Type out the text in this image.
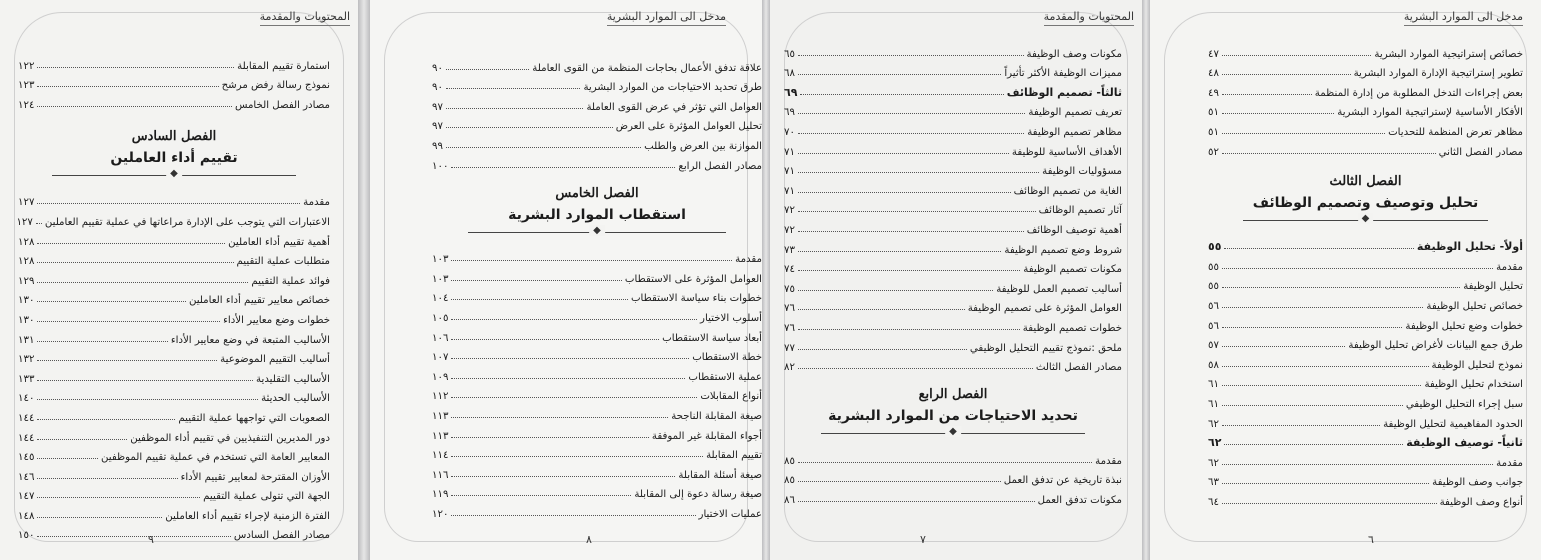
المحتويات والمقدمة
استمارة تقييم المقابلة
١٢٢
نموذج رسالة رفض مرشح
١٢٣
مصادر الفصل الخامس
١٢٤
الفصل السادس
تقييم أداء العاملين
◆
مقدمة
١٢٧
الاعتبارات التي يتوجب على الإدارة مراعاتها في عملية تقييم العاملين
١٢٧
أهمية تقييم أداء العاملين
١٢٨
متطلبات عملية التقييم
١٢٨
فوائد عملية التقييم
١٢٩
خصائص معايير تقييم أداء العاملين
١٣٠
خطوات وضع معايير الأداء
١٣٠
الأساليب المتبعة في وضع معايير الأداء
١٣١
أساليب التقييم الموضوعية
١٣٢
الأساليب التقليدية
١٣٣
الأساليب الحديثة
١٤٠
الصعوبات التي تواجهها عملية التقييم
١٤٤
دور المديرين التنفيذيين في تقييم أداء الموظفين
١٤٤
المعايير العامة التي تستخدم في عملية تقييم الموظفين
١٤٥
الأوزان المقترحة لمعايير تقييم الأداء
١٤٦
الجهة التي تتولى عملية التقييم
١٤٧
الفترة الزمنية لإجراء تقييم أداء العاملين
١٤٨
مصادر الفصل السادس
١٥٠	٩
مدخل الى الموارد البشرية
علاقة تدفق الأعمال بحاجات المنظمة من القوى العاملة
٩٠
طرق تحديد الاحتياجات من الموارد البشرية
٩٠
العوامل التي تؤثر في عرض القوى العاملة
٩٧
تحليل العوامل المؤثرة على العرض
٩٧
الموازنة بين العرض والطلب
٩٩
مصادر الفصل الرابع
١٠٠
الفصل الخامس
استقطاب الموارد البشرية
◆
مقدمة
١٠٣
العوامل المؤثرة على الاستقطاب
١٠٣
خطوات بناء سياسة الاستقطاب
١٠٤
أسلوب الاختيار
١٠٥
أبعاد سياسة الاستقطاب
١٠٦
خطة الاستقطاب
١٠٧
عملية الاستقطاب
١٠٩
أنواع المقابلات
١١٢
صيغة المقابلة الناجحة
١١٣
أجواء المقابلة غير الموفقة
١١٣
تقييم المقابلة
١١٤
صيغة أسئلة المقابلة
١١٦
صيغة رسالة دعوة إلى المقابلة
١١٩
عمليات الاختيار
١٢٠
٨
المحتويات والمقدمة
مكونات وصف الوظيفة
٦٥
مميزات الوظيفة الأكثر تأثيراً
٦٨
ثالثاً- تصميم الوظائف
٦٩
تعريف تصميم الوظيفة
٦٩
مظاهر تصميم الوظيفة
٧٠
الأهداف الأساسية للوظيفة
٧١
مسؤوليات الوظيفة
٧١
الغاية من تصميم الوظائف
٧١
آثار تصميم الوظائف
٧٢
أهمية توصيف الوظائف
٧٢
شروط وضع تصميم الوظيفة
٧٣
مكونات تصميم الوظيفة
٧٤
أساليب تصميم العمل للوظيفة
٧٥
العوامل المؤثرة على تصميم الوظيفة
٧٦
خطوات تصميم الوظيفة
٧٦
ملحق :نموذج تقييم التحليل الوظيفي
٧٧
مصادر الفصل الثالث
٨٢
الفصل الرابع
تحديد الاحتياجات من الموارد البشرية
◆
مقدمة
٨٥
نبذة تاريخية عن تدفق العمل
٨٥
مكونات تدفق العمل
٨٦
٧
مدخل الى الموارد البشرية
خصائص إستراتيجية الموارد البشرية
٤٧
تطوير إستراتيجية الإدارة الموارد البشرية
٤٨
بعض إجراءات التدخل المطلوبة من إدارة المنظمة
٤٩
الأفكار الأساسية لإستراتيجية الموارد البشرية
٥١
مظاهر تعرض المنظمة للتحديات
٥١
مصادر الفصل الثاني
٥٢
الفصل الثالث
تحليل وتوصيف وتصميم الوظائف
◆
أولاً- تحليل الوظيفة
٥٥
مقدمة
٥٥
تحليل الوظيفة
٥٥
خصائص تحليل الوظيفة
٥٦
خطوات وضع تحليل الوظيفة
٥٦
طرق جمع البيانات لأغراض تحليل الوظيفة
٥٧
نموذج لتحليل الوظيفة
٥٨
استخدام تحليل الوظيفة
٦١
سبل إجراء التحليل الوظيفي
٦١
الحدود المفاهيمية لتحليل الوظيفة
٦٢
ثانياً- توصيف الوظيفة
٦٢
مقدمة
٦٢
جوانب وصف الوظيفة
٦٣
أنواع وصف الوظيفة
٦٤
٦
